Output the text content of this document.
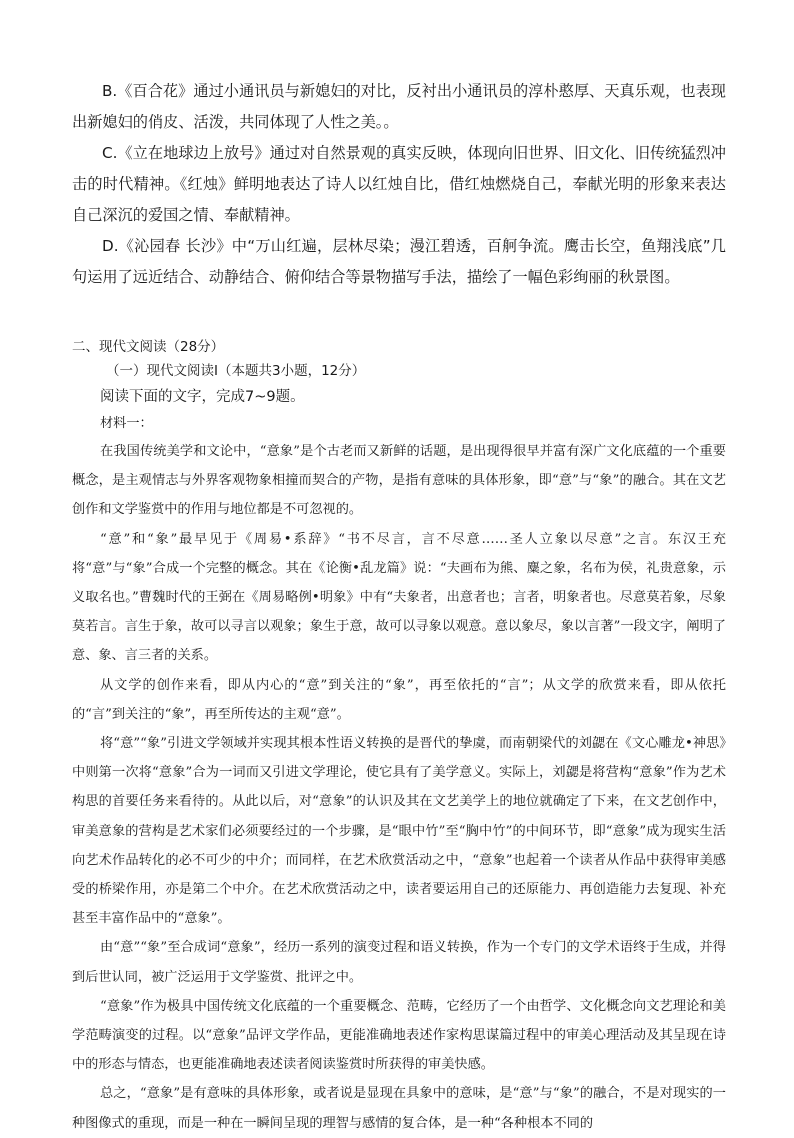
B.《百合花》通过小通讯员与新媳妇的对比，反衬出小通讯员的淳朴憨厚、天真乐观，也表现出新媳妇的俏皮、活泼，共同体现了人性之美。。

C.《立在地球边上放号》通过对自然景观的真实反映，体现向旧世界、旧文化、旧传统猛烈冲击的时代精神。《红烛》鲜明地表达了诗人以红烛自比，借红烛燃烧自己，奉献光明的形象来表达自己深沉的爱国之情、奉献精神。

D.《沁园春 长沙》中“万山红遍，层林尽染；漫江碧透，百舸争流。鹰击长空，鱼翔浅底”几句运用了远近结合、动静结合、俯仰结合等景物描写手法，描绘了一幅色彩绚丽的秋景图。

二、现代文阅读（28分）

（一）现代文阅读Ⅰ（本题共3小题，12分）

阅读下面的文字，完成7~9题。

材料一：

在我国传统美学和文论中，“意象”是个古老而又新鲜的话题，是出现得很早并富有深广文化底蕴的一个重要概念，是主观情志与外界客观物象相撞而契合的产物，是指有意味的具体形象，即“意”与“象”的融合。其在文艺创作和文学鉴赏中的作用与地位都是不可忽视的。

“意”和“象”最早见于《周易•系辞》“书不尽言，言不尽意……圣人立象以尽意”之言。东汉王充将“意”与“象”合成一个完整的概念。其在《论衡•乱龙篇》说：“夫画布为熊、麋之象，名布为侯，礼贵意象，示义取名也。”曹魏时代的王弼在《周易略例•明象》中有“夫象者，出意者也；言者，明象者也。尽意莫若象，尽象莫若言。言生于象，故可以寻言以观象；象生于意，故可以寻象以观意。意以象尽，象以言著”一段文字，阐明了意、象、言三者的关系。

从文学的创作来看，即从内心的“意”到关注的“象”，再至依托的“言”；从文学的欣赏来看，即从依托的“言”到关注的“象”，再至所传达的主观“意”。

将“意”“象”引进文学领域并实现其根本性语义转换的是晋代的挚虞，而南朝梁代的刘勰在《文心雕龙•神思》中则第一次将“意象”合为一词而又引进文学理论，使它具有了美学意义。实际上，刘勰是将营构“意象”作为艺术构思的首要任务来看待的。从此以后，对“意象”的认识及其在文艺美学上的地位就确定了下来，在文艺创作中，审美意象的营构是艺术家们必须要经过的一个步骤，是“眼中竹”至“胸中竹”的中间环节，即“意象”成为现实生活向艺术作品转化的必不可少的中介；而同样，在艺术欣赏活动之中，“意象”也起着一个读者从作品中获得审美感受的桥梁作用，亦是第二个中介。在艺术欣赏活动之中，读者要运用自己的还原能力、再创造能力去复现、补充甚至丰富作品中的“意象”。

由“意”“象”至合成词“意象”，经历一系列的演变过程和语义转换，作为一个专门的文学术语终于生成，并得到后世认同，被广泛运用于文学鉴赏、批评之中。

“意象”作为极具中国传统文化底蕴的一个重要概念、范畴，它经历了一个由哲学、文化概念向文艺理论和美学范畴演变的过程。以“意象”品评文学作品，更能准确地表述作家构思谋篇过程中的审美心理活动及其呈现在诗中的形态与情态，也更能准确地表述读者阅读鉴赏时所获得的审美快感。

总之，“意象”是有意味的具体形象，或者说是显现在具象中的意味，是“意”与“象”的融合，不是对现实的一种图像式的重现，而是一种在一瞬间呈现的理智与感情的复合体，是一种“各种根本不同的
